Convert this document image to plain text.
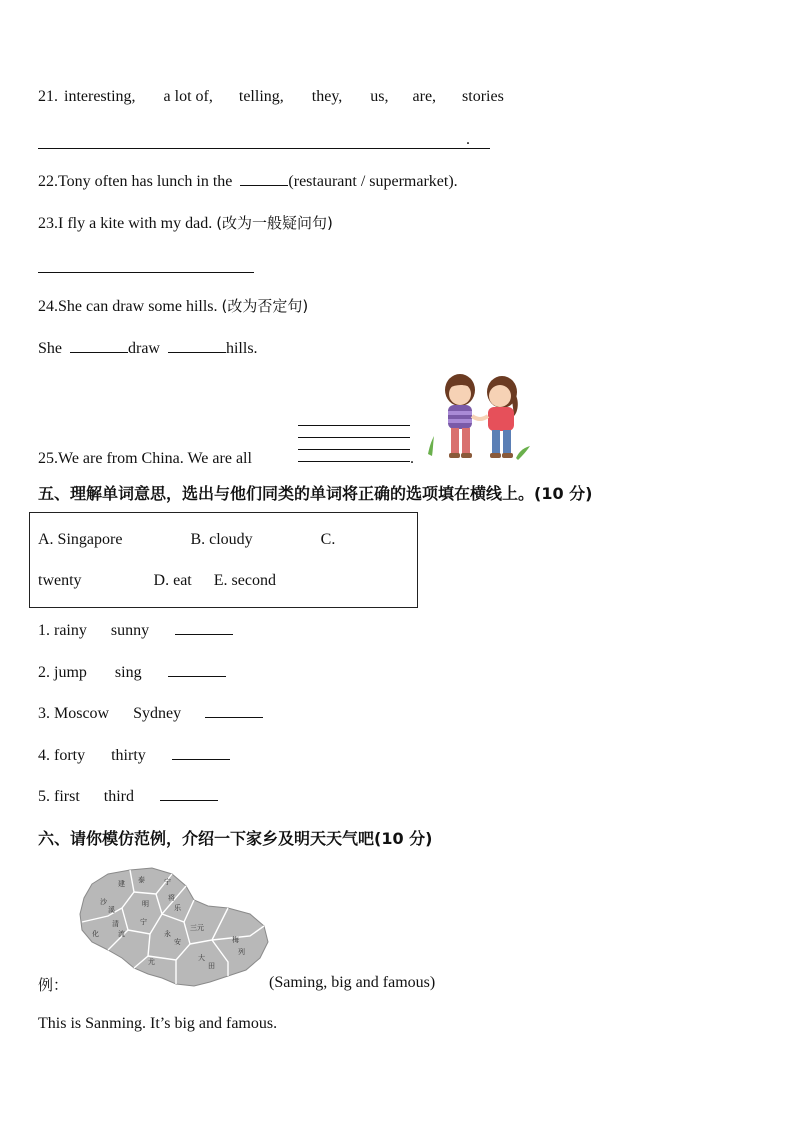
21. interesting, a lot of, telling, they, us, are, stories
.
22.Tony often has lunch in the	(restaurant / supermarket).
23.I fly a kite with my dad. (改为一般疑问句)
24.She can draw some hills. (改为否定句)
She	draw	hills.
25.We are from China. We are all	.
五、理解单词意思，选出与他们同类的单词将正确的选项填在横线上。(10 分)
A. Singapore	B. cloudy	C.
twenty	D. eat E. second
1. rainy sunny
2. jump sing
3. Moscow Sydney
4. forty thirty
5. first third
六、请你模仿范例，介绍一下家乡及明天天气吧(10 分)
泰	宁
建
明
将
乐
沙
溪
清
流
宁
化	永
安
大
田
尤
三元
梅
列
例：	(Saming, big and famous)
This is Sanming. It’s big and famous.
